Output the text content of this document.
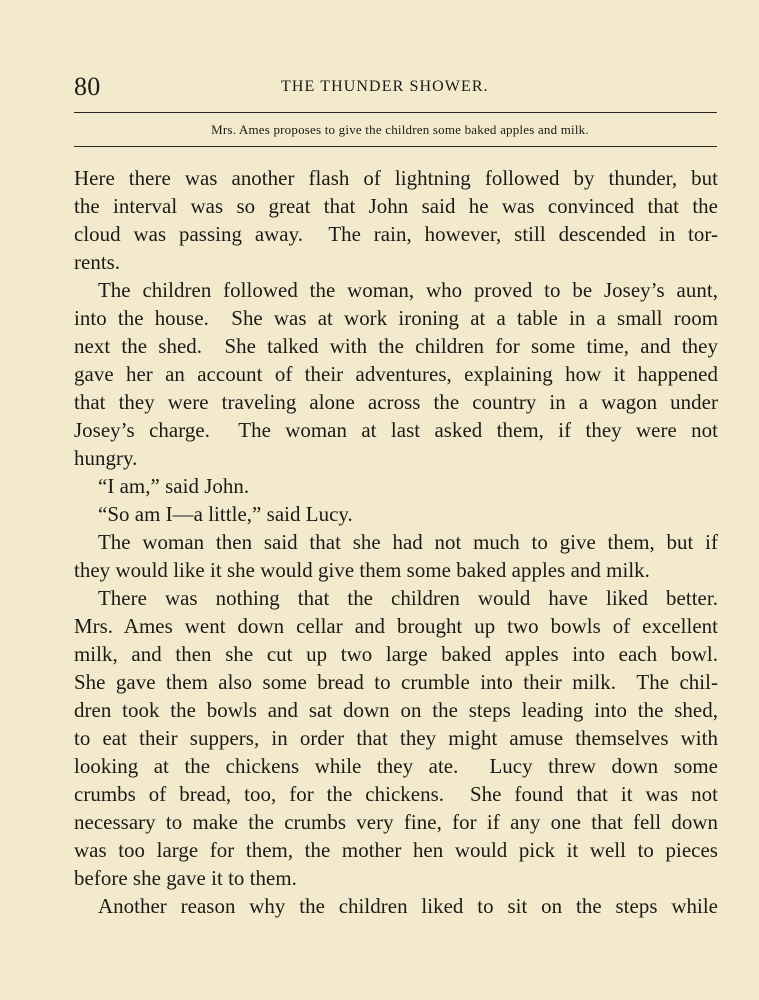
80	THE THUNDER SHOWER.
Mrs. Ames proposes to give the children some baked apples and milk.
Here there was another flash of lightning followed by thunder, but
the interval was so great that John said he was convinced that the
cloud was passing away.  The rain, however, still descended in tor-
rents.
The children followed the woman, who proved to be Josey’s aunt,
into the house.  She was at work ironing at a table in a small room
next the shed.  She talked with the children for some time, and they
gave her an account of their adventures, explaining how it happened
that they were traveling alone across the country in a wagon under
Josey’s charge.  The woman at last asked them, if they were not
hungry.
“I am,” said John.
“So am I—a little,” said Lucy.
The woman then said that she had not much to give them, but if
they would like it she would give them some baked apples and milk.
There was nothing that the children would have liked better.
Mrs. Ames went down cellar and brought up two bowls of excellent
milk, and then she cut up two large baked apples into each bowl.
She gave them also some bread to crumble into their milk.  The chil-
dren took the bowls and sat down on the steps leading into the shed,
to eat their suppers, in order that they might amuse themselves with
looking at the chickens while they ate.  Lucy threw down some
crumbs of bread, too, for the chickens.  She found that it was not
necessary to make the crumbs very fine, for if any one that fell down
was too large for them, the mother hen would pick it well to pieces
before she gave it to them.
Another reason why the children liked to sit on the steps while
